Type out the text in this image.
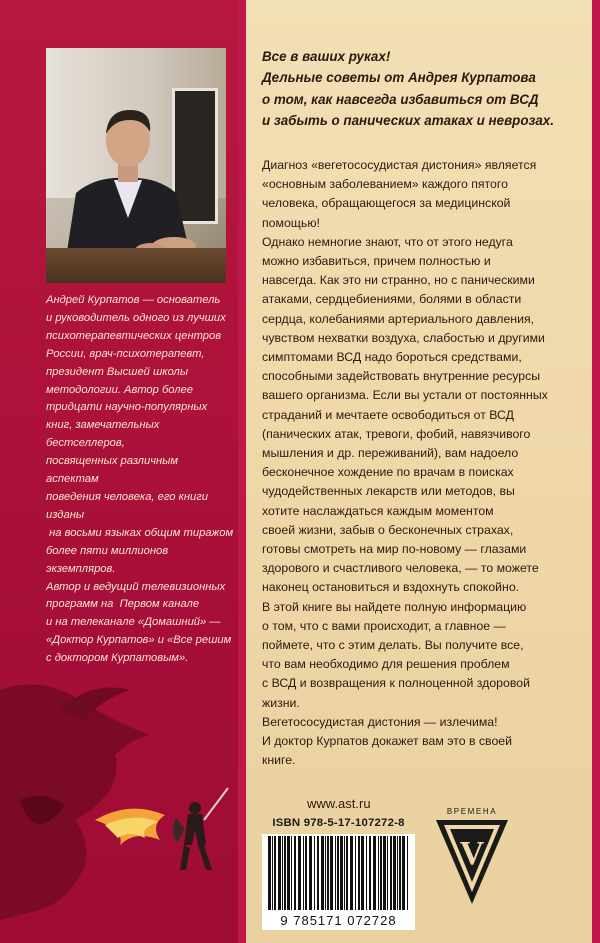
Андрей Курпатов — основатель
и руководитель одного из лучших
психотерапевтических центров
России, врач-психотерапевт,
президент Высшей школы
методологии. Автор более
тридцати научно-популярных
книг, замечательных бестселлеров,
посвященных различным аспектам
поведения человека, его книги изданы
на восьми языках общим тиражом
более пяти миллионов экземпляров.
Автор и ведущий телевизионных
программ на  Первом канале
и на телеканале «Домашний» —
«Доктор Курпатов» и «Все решим
с доктором Курпатовым».
Все в ваших руках!
Дельные советы от Андрея Курпатова
о том, как навсегда избавиться от ВСД
и забыть о панических атаках и неврозах.

Диагноз «вегетососудистая дистония» является

«основным заболеванием» каждого пятого

человека, обращающегося за медицинской

помощью!

Однако немногие знают, что от этого недуга

можно избавиться, причем полностью и

навсегда. Как это ни странно, но с паническими

атаками, сердцебиениями, болями в области

сердца, колебаниями артериального давления,

чувством нехватки воздуха, слабостью и другими

симптомами ВСД надо бороться средствами,

способными задействовать внутренние ресурсы

вашего организма. Если вы устали от постоянных

страданий и мечтаете освободиться от ВСД

(панических атак, тревоги, фобий, навязчивого

мышления и др. переживаний), вам надоело

бесконечное хождение по врачам в поисках

чудодейственных лекарств или методов, вы

хотите наслаждаться каждым моментом

своей жизни, забыв о бесконечных страхах,

готовы смотреть на мир по-новому — глазами

здорового и счастливого человека, — то можете

наконец остановиться и вздохнуть спокойно.

В этой книге вы найдете полную информацию

о том, что с вами происходит, а главное —

поймете, что с этим делать. Вы получите все,

что вам необходимо для решения проблем

с ВСД и возвращения к полноценной здоровой

жизни.

Вегетососудистая дистония — излечима!

И доктор Курпатов докажет вам это в своей

книге.

www.ast.ru
ISBN 978-5-17-107272-8
9 785171 072728
ВРЕМЕНА
V
